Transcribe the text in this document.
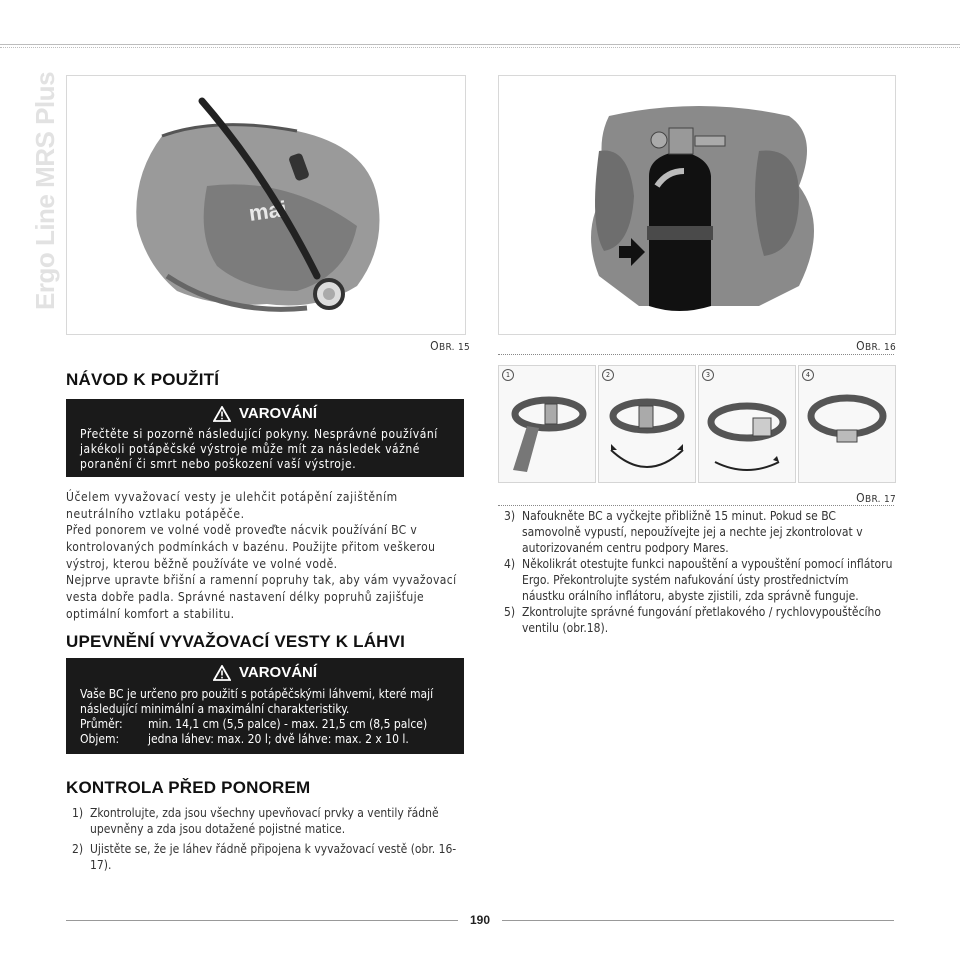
Ergo Line MRS Plus	mai
OBR. 15	OBR. 16
NÁVOD K POUŽITÍ
VAROVÁNÍ
Přečtěte si pozorně následující pokyny. Nesprávné používání jakékoli potápěčské výstroje může mít za následek vážné poranění či smrt nebo poškození vaší výstroje.
Účelem vyvažovací vesty je ulehčit potápění zajištěním neutrálního vztlaku potápěče.
Před ponorem ve volné vodě proveďte nácvik používání BC v kontrolovaných podmínkách v bazénu. Použijte přitom veškerou výstroj, kterou běžně používáte ve volné vodě.
Nejprve upravte břišní a ramenní popruhy tak, aby vám vyvažovací vesta dobře padla. Správné nastavení délky popruhů zajišťuje optimální komfort a stabilitu.
UPEVNĚNÍ VYVAŽOVACÍ VESTY K LÁHVI
VAROVÁNÍ
Vaše BC je určeno pro použití s potápěčskými láhvemi, které mají následující minimální a maximální charakteristiky.
Průměr:	min. 14,1 cm (5,5 palce) - max. 21,5 cm (8,5 palce)
Objem:	jedna láhev: max. 20 l; dvě láhve: max. 2 x 10 l.
KONTROLA PŘED PONOREM
1) Zkontrolujte, zda jsou všechny upevňovací prvky a ventily řádně upevněny a zda jsou dotažené pojistné matice.
2) Ujistěte se, že je láhev řádně připojena k vyvažovací vestě (obr. 16-17).
1	2	3	4
OBR. 17
3) Nafoukněte BC a vyčkejte přibližně 15 minut. Pokud se BC samovolně vypustí, nepoužívejte jej a nechte jej zkontrolovat v autorizovaném centru podpory Mares.
4) Několikrát otestujte funkci napouštění a vypouštění pomocí inflátoru Ergo. Překontrolujte systém nafukování ústy prostřednictvím náustku orálního inflátoru, abyste zjistili, zda správně funguje.
5) Zkontrolujte správné fungování přetlakového / rychlovypouštěcího ventilu (obr.18).
190
